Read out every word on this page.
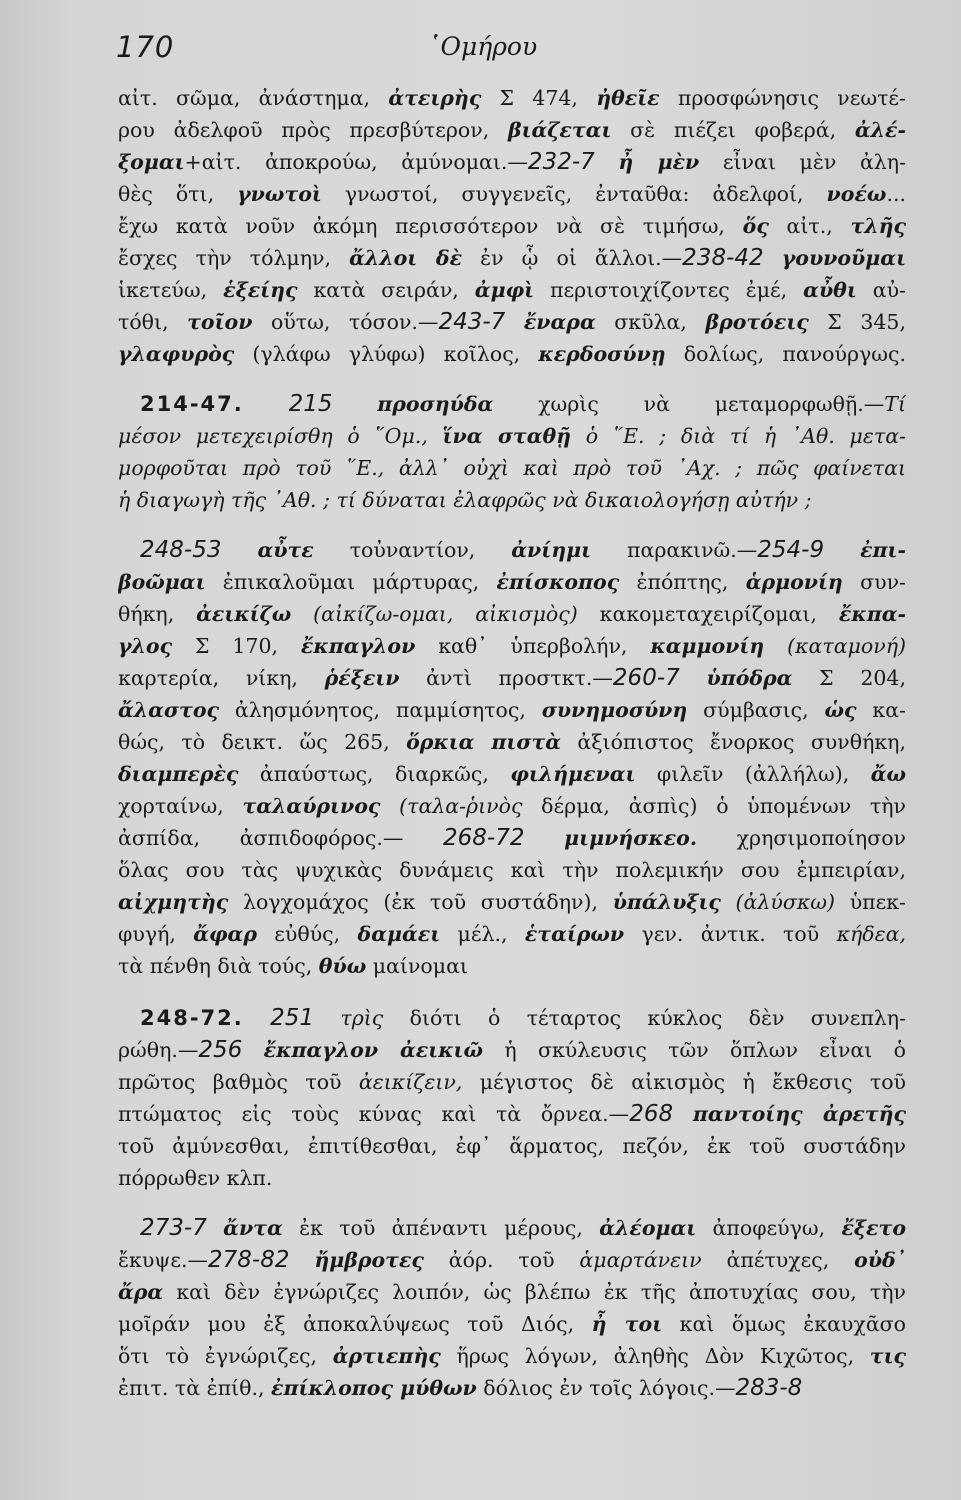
170	῾Ομήρου
αἰτ. σῶμα, ἀνάστημα, ἀτειρὴς Σ 474, ἠθεῖε προσφώνησις νεωτέ-
ρου ἀδελφοῦ πρὸς πρεσβύτερον, βιάζεται σὲ πιέζει φοβερά, ἀλέ-
ξομαι+αἰτ. ἀποκρούω, ἀμύνομαι.—232-7 ἦ μὲν εἶναι μὲν ἀλη-
θὲς ὅτι, γνωτοὶ γνωστοί, συγγενεῖς, ἐνταῦθα: ἀδελφοί, νοέω...
ἔχω κατὰ νοῦν ἀκόμη περισσότερον νὰ σὲ τιμήσω, ὅς αἰτ., τλῆς
ἔσχες τὴν τόλμην, ἄλλοι δὲ ἐν ᾧ οἱ ἄλλοι.—238-42 γουνοῦμαι
ἱκετεύω, ἑξείης κατὰ σειράν, ἀμφὶ περιστοιχίζοντες ἐμέ, αὖθι αὐ-
τόθι, τοῖον οὕτω, τόσον.—243-7 ἔναρα σκῦλα, βροτόεις Σ 345,
γλαφυρὸς (γλάφω γλύφω) κοῖλος, κερδοσύνῃ δολίως, πανούργως.
214-47. 215 προσηύδα χωρὶς νὰ μεταμορφωθῇ.—Τί
μέσον μετεχειρίσθη ὁ ῞Ομ., ἵνα σταθῇ ὁ ῞Ε. ; διὰ τί ἡ ᾿Αθ. μετα-
μορφοῦται πρὸ τοῦ ῞Ε., ἀλλ᾿ οὐχὶ καὶ πρὸ τοῦ ᾿Αχ. ; πῶς φαίνεται
ἡ διαγωγὴ τῆς ᾿Αθ. ; τί δύναται ἐλαφρῶς νὰ δικαιολογήσῃ αὐτήν ;
248-53 αὖτε τοὐναντίον, ἀνίημι παρακινῶ.—254-9 ἐπι-
βοῶμαι ἐπικαλοῦμαι μάρτυρας, ἐπίσκοπος ἐπόπτης, ἁρμονίη συν-
θήκη, ἀεικίζω (αἰκίζω-ομαι, αἰκισμὸς) κακομεταχειρίζομαι, ἔκπα-
γλος Σ 170, ἔκπαγλον καθ᾿ ὑπερβολήν, καμμονίη (καταμονή)
καρτερία, νίκη, ῥέξειν ἀντὶ προστκτ.—260-7 ὑπόδρα Σ 204,
ἄλαστος ἀλησμόνητος, παμμίσητος, συνημοσύνη σύμβασις, ὡς κα-
θώς, τὸ δεικτ. ὥς 265, ὅρκια πιστὰ ἀξιόπιστος ἔνορκος συνθήκη,
διαμπερὲς ἀπαύστως, διαρκῶς, φιλήμεναι φιλεῖν (ἀλλήλω), ἄω
χορταίνω, ταλαύρινος (ταλα-ῥινὸς δέρμα, ἀσπὶς) ὁ ὑπομένων τὴν
ἀσπίδα, ἀσπιδοφόρος.— 268-72 μιμνήσκεο. χρησιμοποίησον
ὅλας σου τὰς ψυχικὰς δυνάμεις καὶ τὴν πολεμικήν σου ἐμπειρίαν,
αἰχμητὴς λογχομάχος (ἐκ τοῦ συστάδην), ὑπάλυξις (ἀλύσκω) ὑπεκ-
φυγή, ἄφαρ εὐθύς, δαμάει μέλ., ἑταίρων γεν. ἀντικ. τοῦ κήδεα,
τὰ πένθη διὰ τούς, θύω μαίνομαι
248-72. 251 τρὶς διότι ὁ τέταρτος κύκλος δὲν συνεπλη-
ρώθη.—256 ἔκπαγλον ἀεικιῶ ἡ σκύλευσις τῶν ὅπλων εἶναι ὁ
πρῶτος βαθμὸς τοῦ ἀεικίζειν, μέγιστος δὲ αἰκισμὸς ἡ ἔκθεσις τοῦ
πτώματος εἰς τοὺς κύνας καὶ τὰ ὄρνεα.—268 παντοίης ἀρετῆς
τοῦ ἀμύνεσθαι, ἐπιτίθεσθαι, ἐφ᾿ ἅρματος, πεζόν, ἐκ τοῦ συστάδην
πόρρωθεν κλπ.
273-7 ἄντα ἐκ τοῦ ἀπέναντι μέρους, ἀλέομαι ἀποφεύγω, ἔξετο
ἔκυψε.—278-82 ἤμβροτες ἀόρ. τοῦ ἁμαρτάνειν ἀπέτυχες, οὐδ᾿
ἄρα καὶ δὲν ἐγνώριζες λοιπόν, ὡς βλέπω ἐκ τῆς ἀποτυχίας σου, τὴν
μοῖράν μου ἐξ ἀποκαλύψεως τοῦ Διός, ἦ τοι καὶ ὅμως ἐκαυχᾶσο
ὅτι τὸ ἐγνώριζες, ἀρτιεπὴς ἥρως λόγων, ἀληθὴς Δὸν Κιχῶτος, τις
ἐπιτ. τὰ ἐπίθ., ἐπίκλοπος μύθων δόλιος ἐν τοῖς λόγοις.—283-8
